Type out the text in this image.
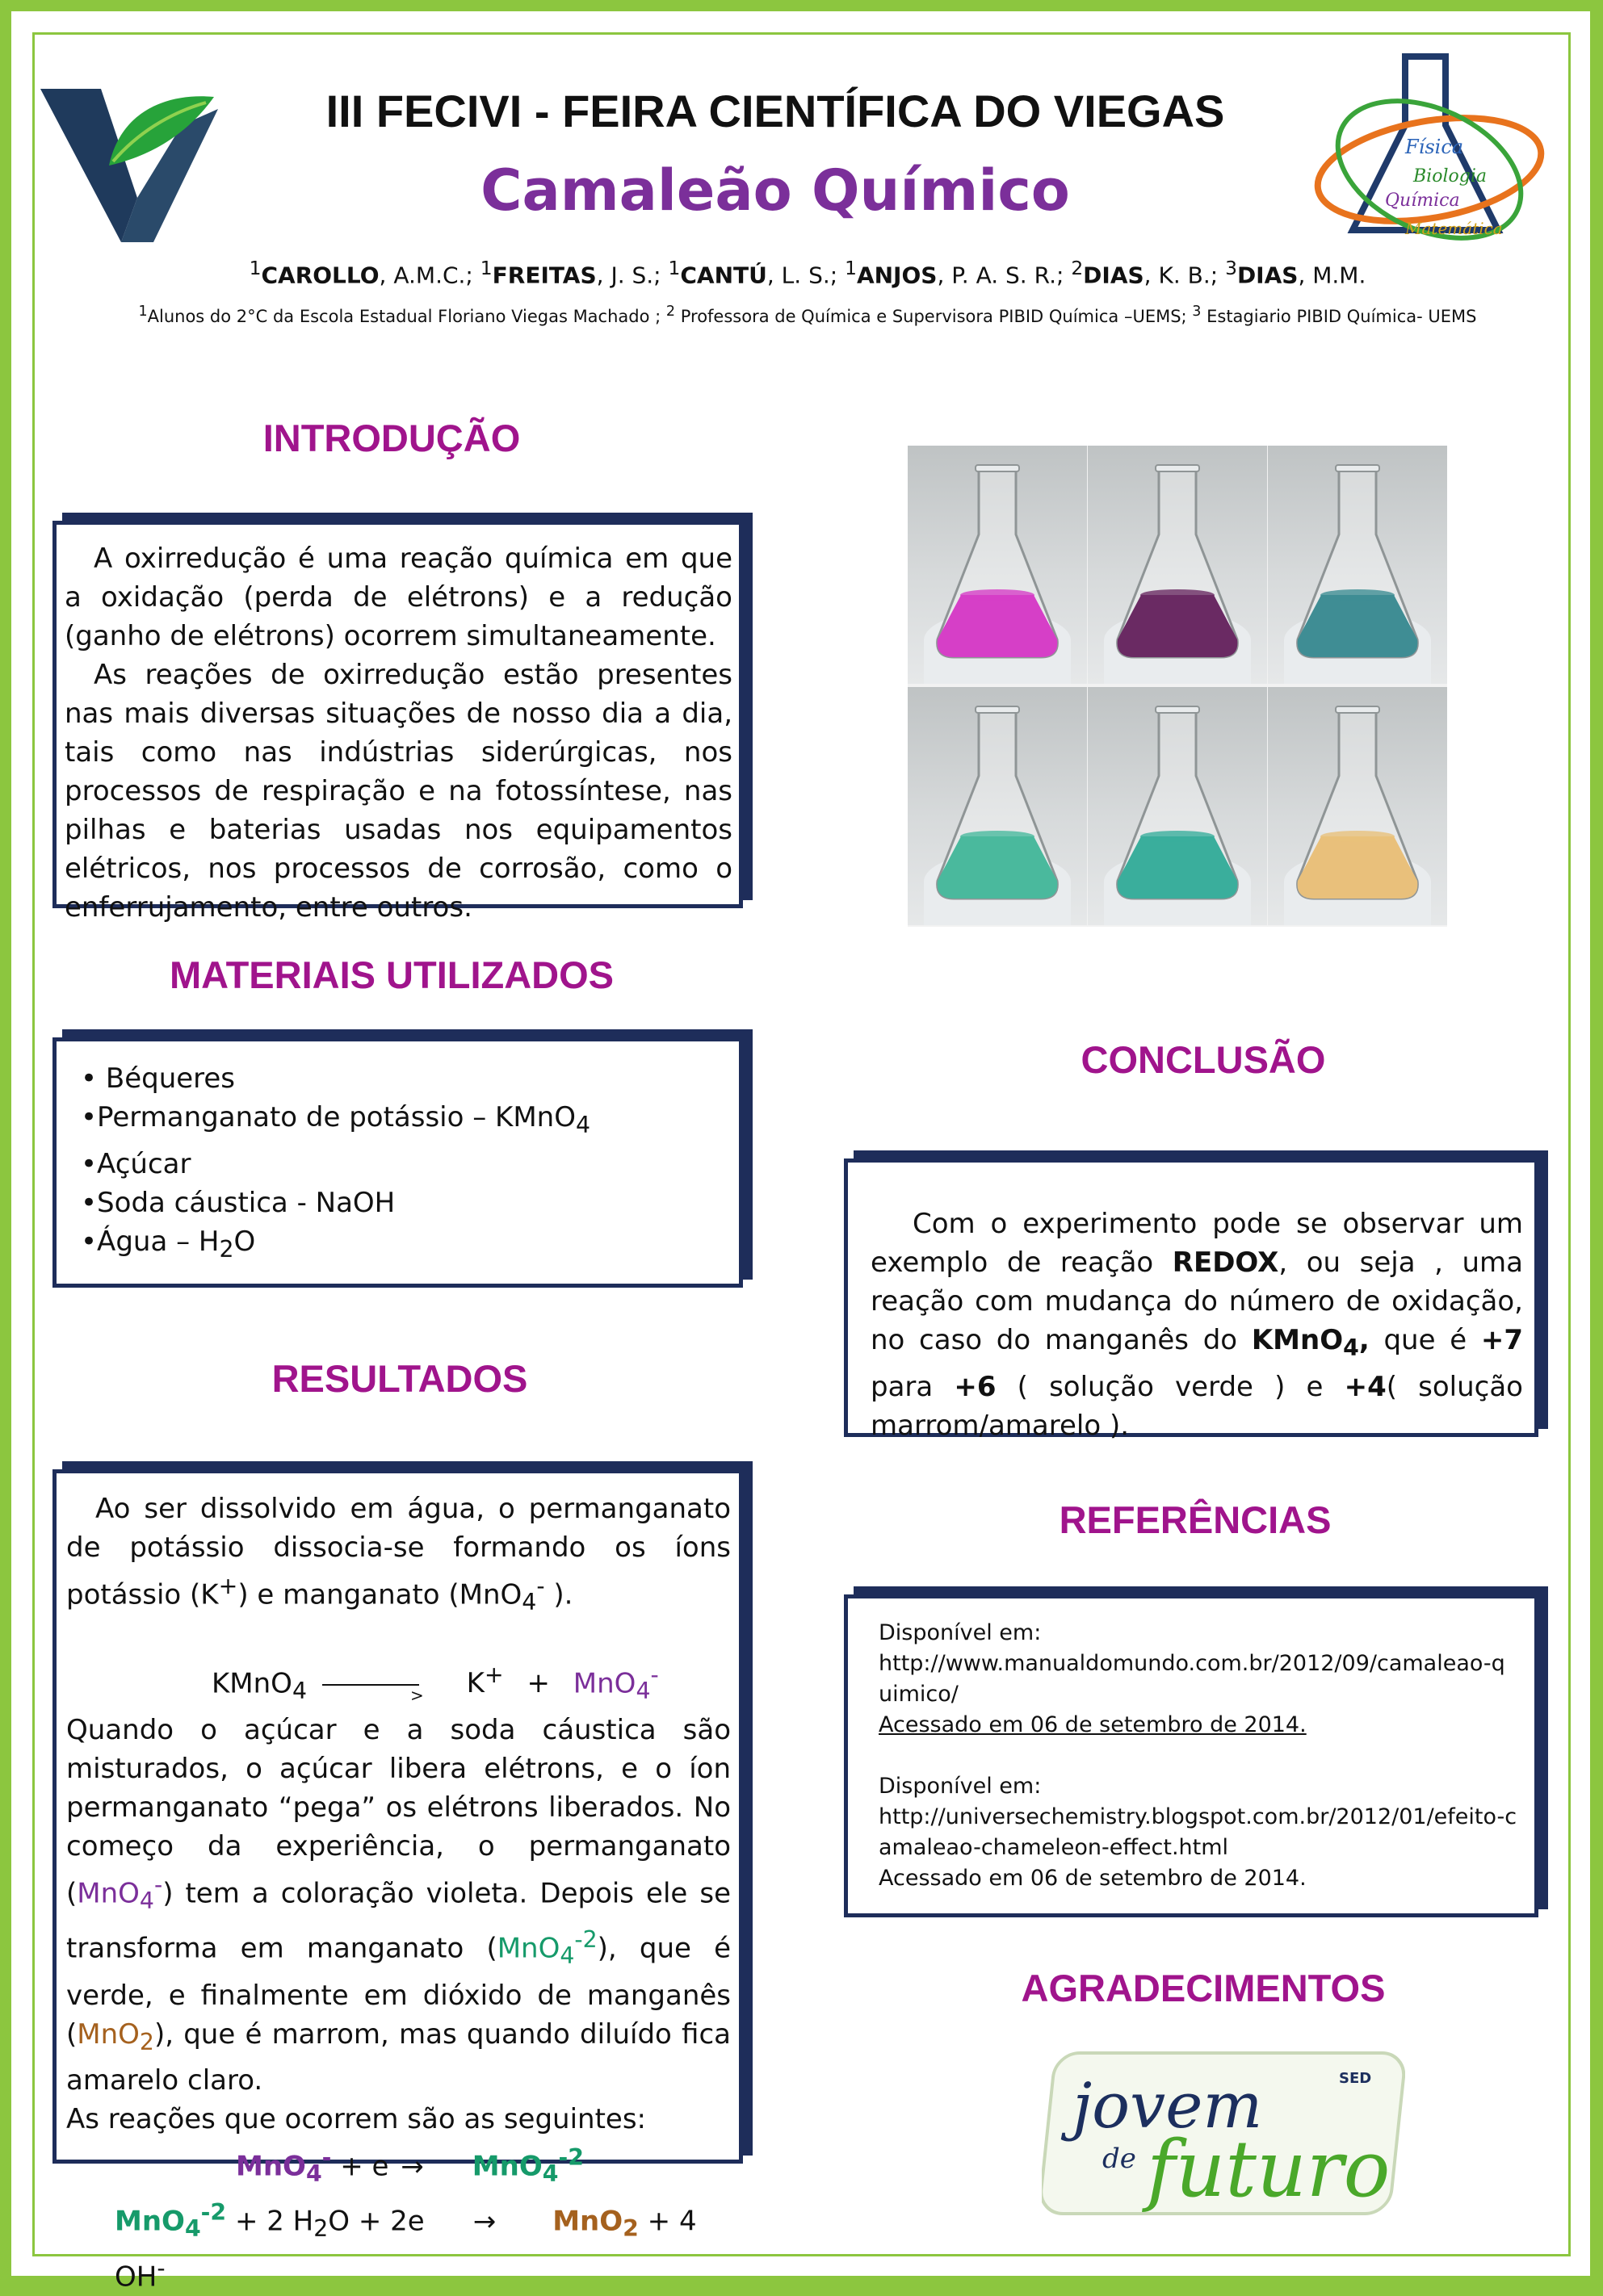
Física
Biologia
Química
Matemática
III FECIVI - FEIRA CIENTÍFICA DO VIEGAS
Camaleão Químico
$^1$CAROLLO, A.M.C.; $^1$FREITAS, J. S.; $^1$CANTÚ, L. S.; $^1$ANJOS, P. A. S. R.; $^2$DIAS, K. B.; $^3$DIAS, M.M.
$^1$Alunos do 2°C da Escola Estadual Floriano Viegas Machado ; $^2$ Professora de Química e Supervisora PIBID Química –UEMS; $^3$ Estagiario PIBID Química- UEMS
INTRODUÇÃO

A oxirredução é uma reação química em que a oxidação (perda de elétrons) e a redução (ganho de elétrons) ocorrem simultaneamente.

As reações de oxirredução estão presentes nas mais diversas situações de nosso dia a dia, tais como nas indústrias siderúrgicas, nos processos de respiração e na fotossíntese, nas pilhas e baterias usadas nos equipamentos elétricos, nos processos de corrosão, como o enferrujamento, entre outros.

MATERIAIS UTILIZADOS

• Béqueres

•Permanganato de potássio – KMnO$_4$

•Açúcar

•Soda cáustica - NaOH

•Água – $H_2O$

RESULTADOS

Ao ser dissolvido em água, o permanganato de potássio dissocia-se formando os íons potássio (K+) e manganato (MnO$_4$- ).

KMnO$_4$	> K+ + MnO$_4$-

Quando o açúcar e a soda cáustica são misturados, o açúcar libera elétrons, e o íon permanganato “pega” os elétrons liberados. No começo da experiência, o permanganato (MnO$_4$-) tem a coloração violeta. Depois ele se transforma em manganato (MnO$_4^{-2}$), que é verde, e finalmente em dióxido de manganês (MnO$_2$), que é marrom, mas quando diluído fica amarelo claro.

As reações que ocorrem são as seguintes:

MnO$_4$- + e → MnO$_4^{-2}$

MnO$_4^{-2}$ + 2 $H_2O + 2e \to MnO_2 + 4$ OH-

CONCLUSÃO

Com o experimento pode se observar um exemplo de reação REDOX, ou seja , uma reação com mudança do número de oxidação, no caso do manganês do KMnO$_4$, que é +7 para +6 ( solução verde ) e +4( solução marrom/amarelo ).

REFERÊNCIAS

Disponível em:

http://www.manualdomundo.com.br/2012/09/camaleao-quimico/

Acessado em 06 de setembro de 2014.

Disponível em:

http://universechemistry.blogspot.com.br/2012/01/efeito-camaleao-chameleon-effect.html

Acessado em 06 de setembro de 2014.

AGRADECIMENTOS
jovem
de futuro
SED
